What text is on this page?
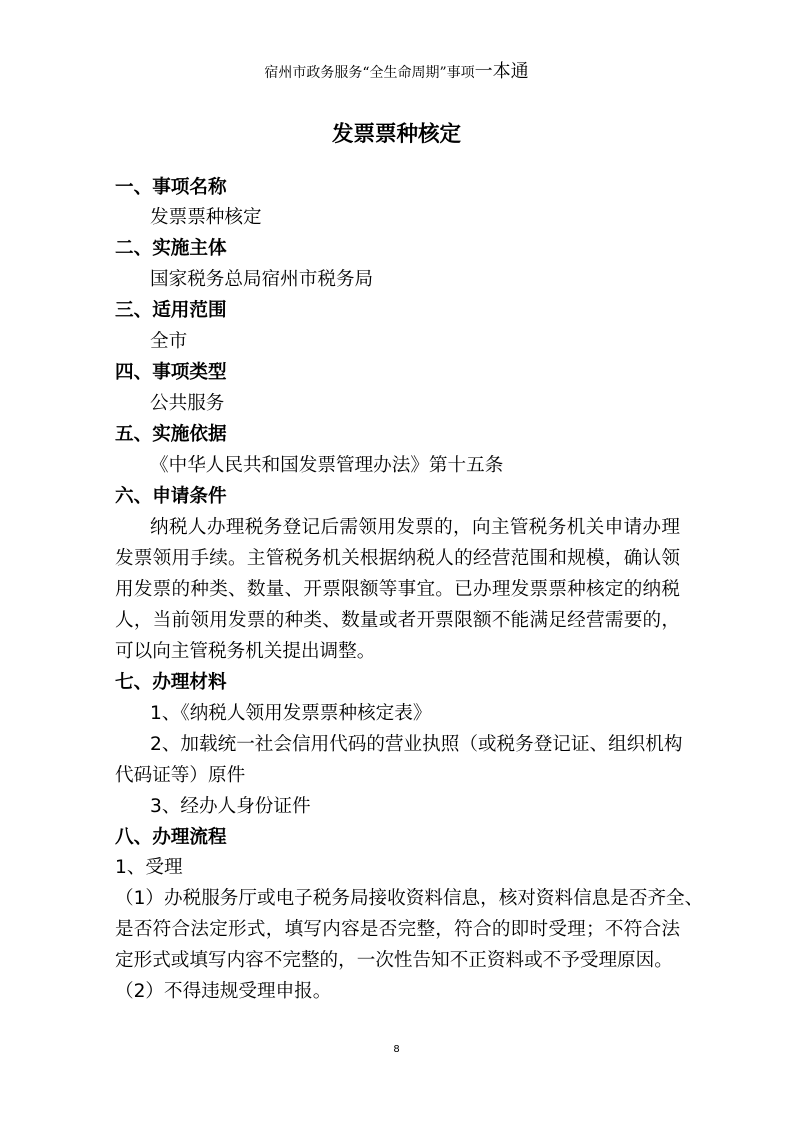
宿州市政务服务“全生命周期”事项一本通
发票票种核定
一、事项名称
发票票种核定
二、实施主体
国家税务总局宿州市税务局
三、适用范围
全市
四、事项类型
公共服务
五、实施依据
《中华人民共和国发票管理办法》第十五条
六、申请条件
纳税人办理税务登记后需领用发票的，向主管税务机关申请办理
发票领用手续。主管税务机关根据纳税人的经营范围和规模，确认领
用发票的种类、数量、开票限额等事宜。已办理发票票种核定的纳税
人，当前领用发票的种类、数量或者开票限额不能满足经营需要的，
可以向主管税务机关提出调整。
七、办理材料
1、《纳税人领用发票票种核定表》
2、加载统一社会信用代码的营业执照（或税务登记证、组织机构
代码证等）原件
3、经办人身份证件
八、办理流程
1、受理
（1）办税服务厅或电子税务局接收资料信息，核对资料信息是否齐全、
是否符合法定形式，填写内容是否完整，符合的即时受理；不符合法
定形式或填写内容不完整的，一次性告知不正资料或不予受理原因。
（2）不得违规受理申报。
8
